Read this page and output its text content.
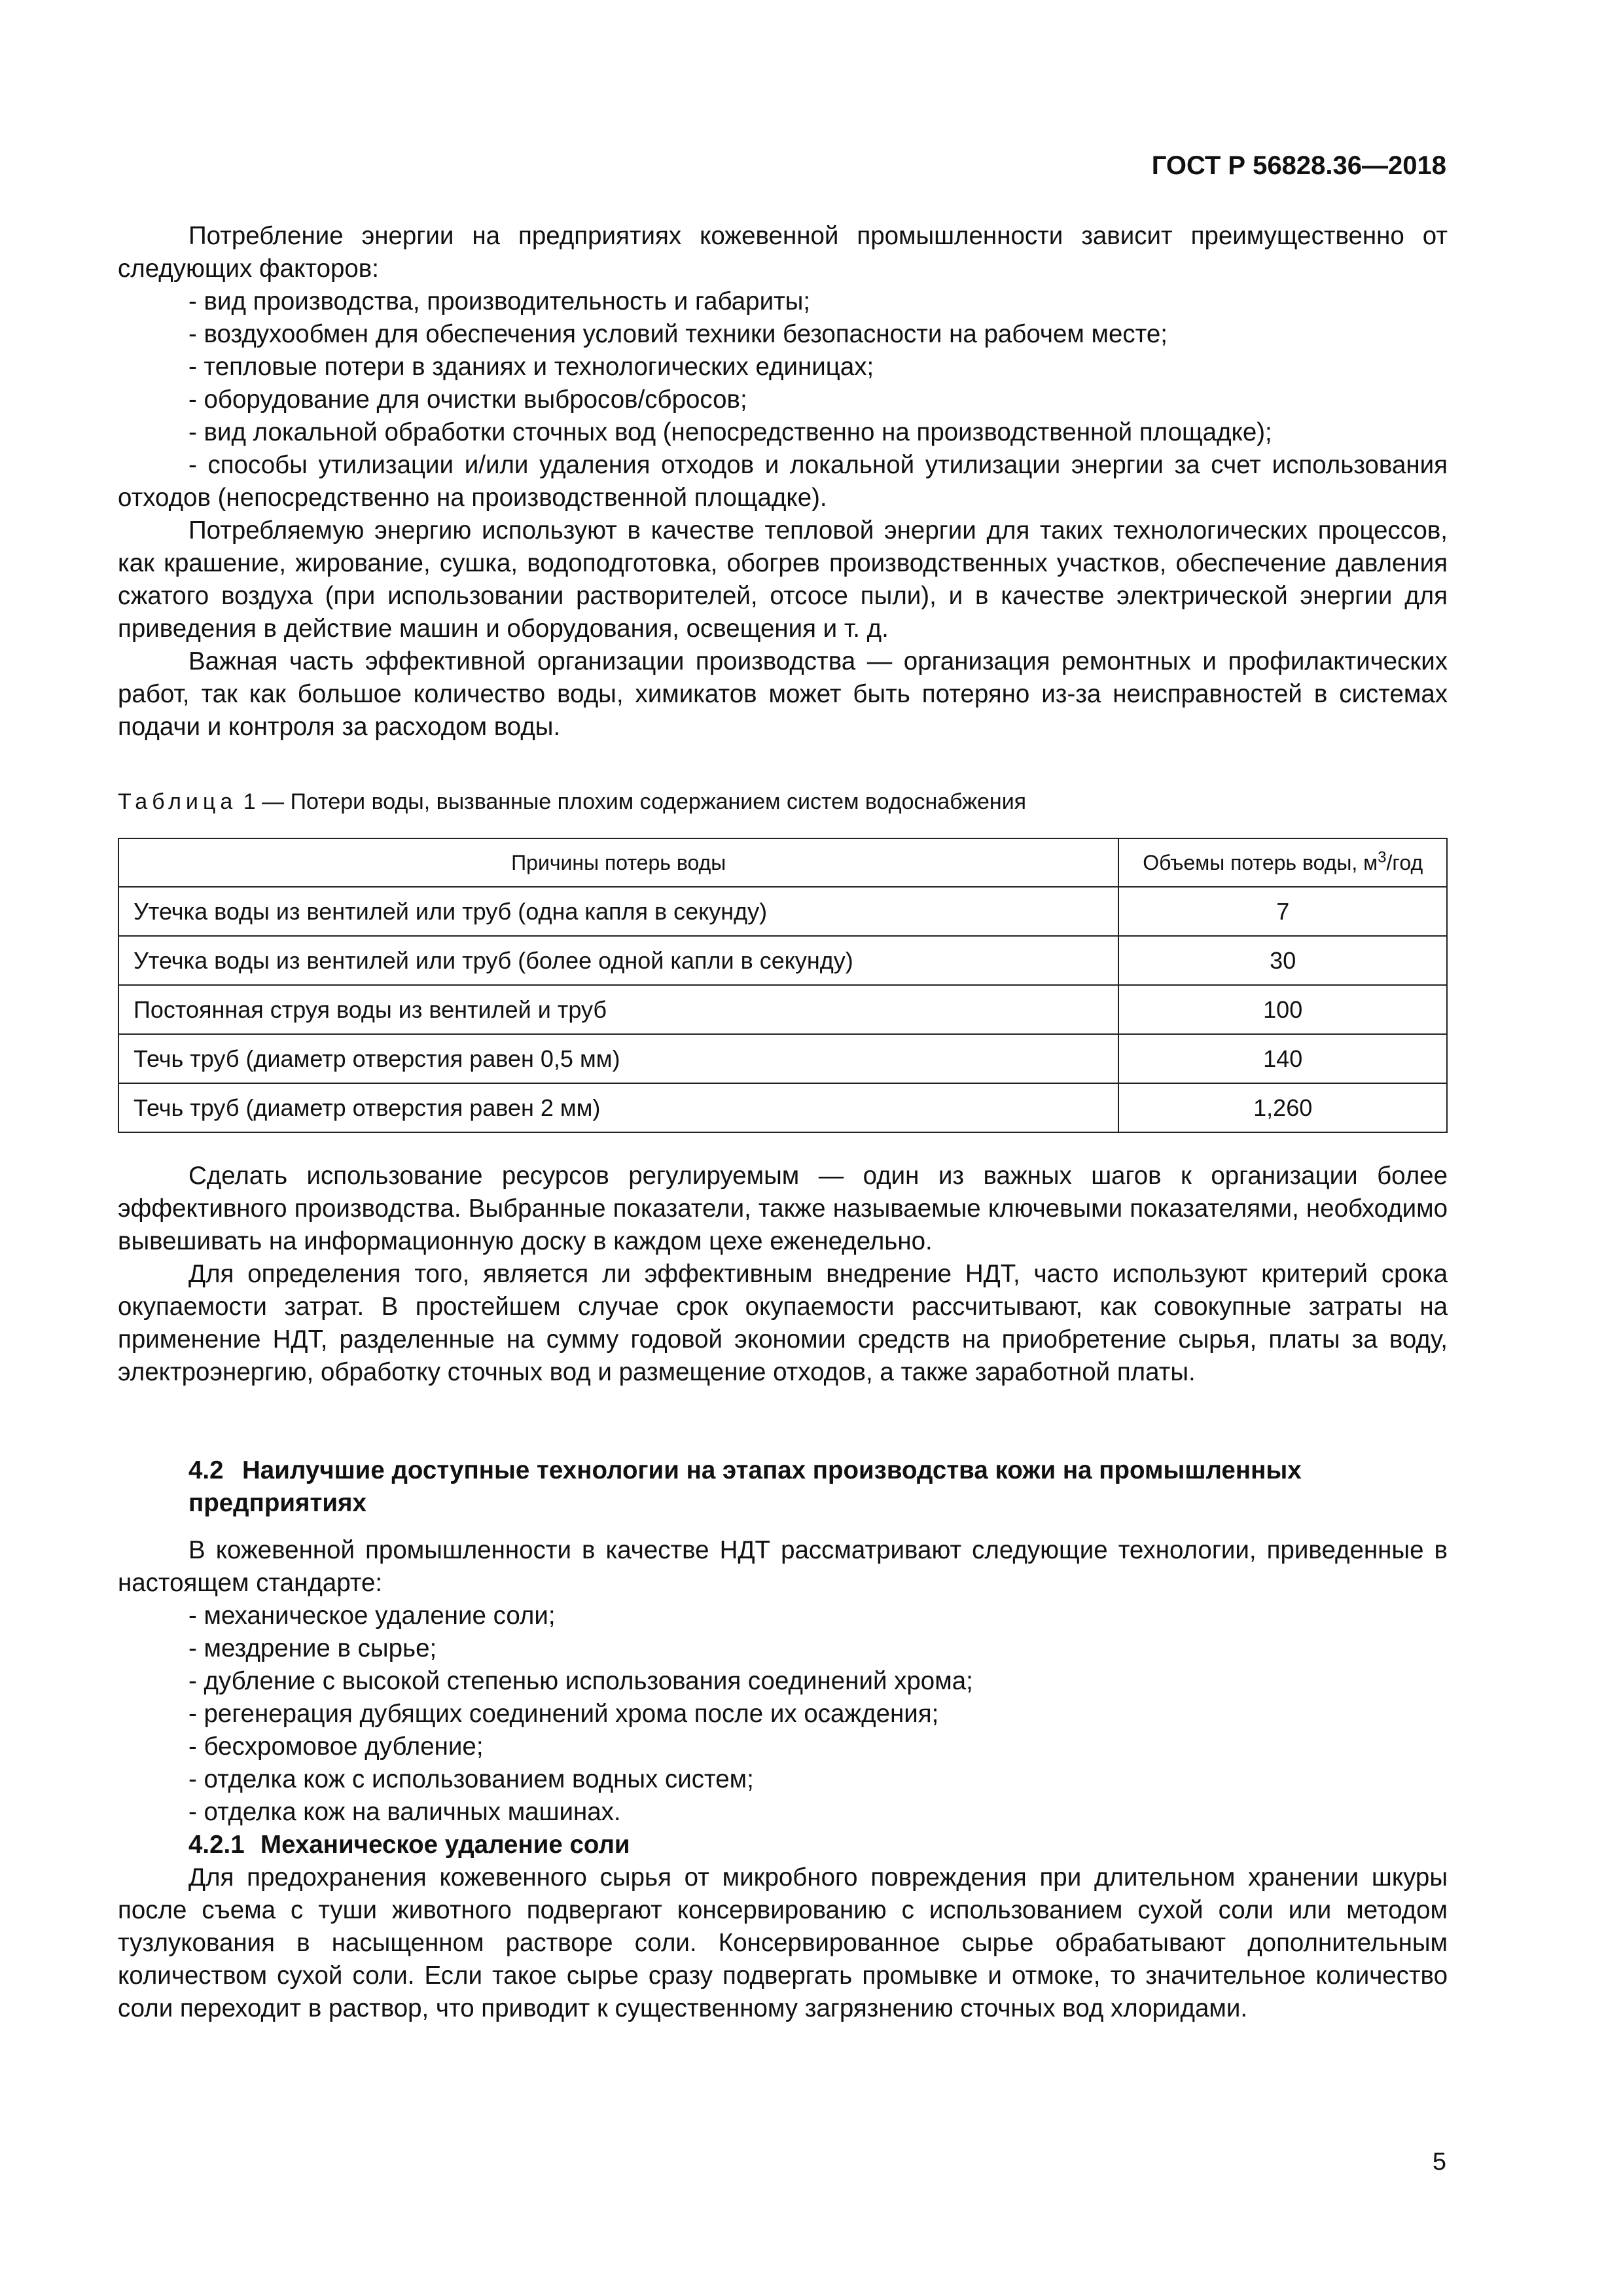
ГОСТ Р 56828.36—2018

Потребление энергии на предприятиях кожевенной промышленности зависит преимущественно от следующих факторов:

- вид производства, производительность и габариты;

- воздухообмен для обеспечения условий техники безопасности на рабочем месте;

- тепловые потери в зданиях и технологических единицах;

- оборудование для очистки выбросов/сбросов;

- вид локальной обработки сточных вод (непосредственно на производственной площадке);

- способы утилизации и/или удаления отходов и локальной утилизации энергии за счет использования отходов (непосредственно на производственной площадке).

Потребляемую энергию используют в качестве тепловой энергии для таких технологических процессов, как крашение, жирование, сушка, водоподготовка, обогрев производственных участков, обеспечение давления сжатого воздуха (при использовании растворителей, отсосе пыли), и в качестве электрической энергии для приведения в действие машин и оборудования, освещения и т. д.

Важная часть эффективной организации производства — организация ремонтных и профилактических работ, так как большое количество воды, химикатов может быть потеряно из-за неисправностей в системах подачи и контроля за расходом воды.

Таблица 1 — Потери воды, вызванные плохим содержанием систем водоснабжения
Причины потерь воды	Объемы потерь воды, $м^3$/год
Утечка воды из вентилей или труб (одна капля в секунду)	7
Утечка воды из вентилей или труб (более одной капли в секунду)	30
Постоянная струя воды из вентилей и труб	100
Течь труб (диаметр отверстия равен 0,5 мм)	140
Течь труб (диаметр отверстия равен 2 мм)	1,260

Сделать использование ресурсов регулируемым — один из важных шагов к организации более эффективного производства. Выбранные показатели, также называемые ключевыми показателями, необходимо вывешивать на информационную доску в каждом цехе еженедельно.

Для определения того, является ли эффективным внедрение НДТ, часто используют критерий срока окупаемости затрат. В простейшем случае срок окупаемости рассчитывают, как совокупные затраты на применение НДТ, разделенные на сумму годовой экономии средств на приобретение сырья, платы за воду, электроэнергию, обработку сточных вод и размещение отходов, а также заработной платы.

4.2 Наилучшие доступные технологии на этапах производства кожи на промышленных
предприятиях

В кожевенной промышленности в качестве НДТ рассматривают следующие технологии, приведенные в настоящем стандарте:

- механическое удаление соли;

- мездрение в сырье;

- дубление с высокой степенью использования соединений хрома;

- регенерация дубящих соединений хрома после их осаждения;

- бесхромовое дубление;

- отделка кож с использованием водных систем;

- отделка кож на валичных машинах.

4.2.1 Механическое удаление соли

Для предохранения кожевенного сырья от микробного повреждения при длительном хранении шкуры после съема с туши животного подвергают консервированию с использованием сухой соли или методом тузлукования в насыщенном растворе соли. Консервированное сырье обрабатывают дополнительным количеством сухой соли. Если такое сырье сразу подвергать промывке и отмоке, то значительное количество соли переходит в раствор, что приводит к существенному загрязнению сточных вод хлоридами.

5
